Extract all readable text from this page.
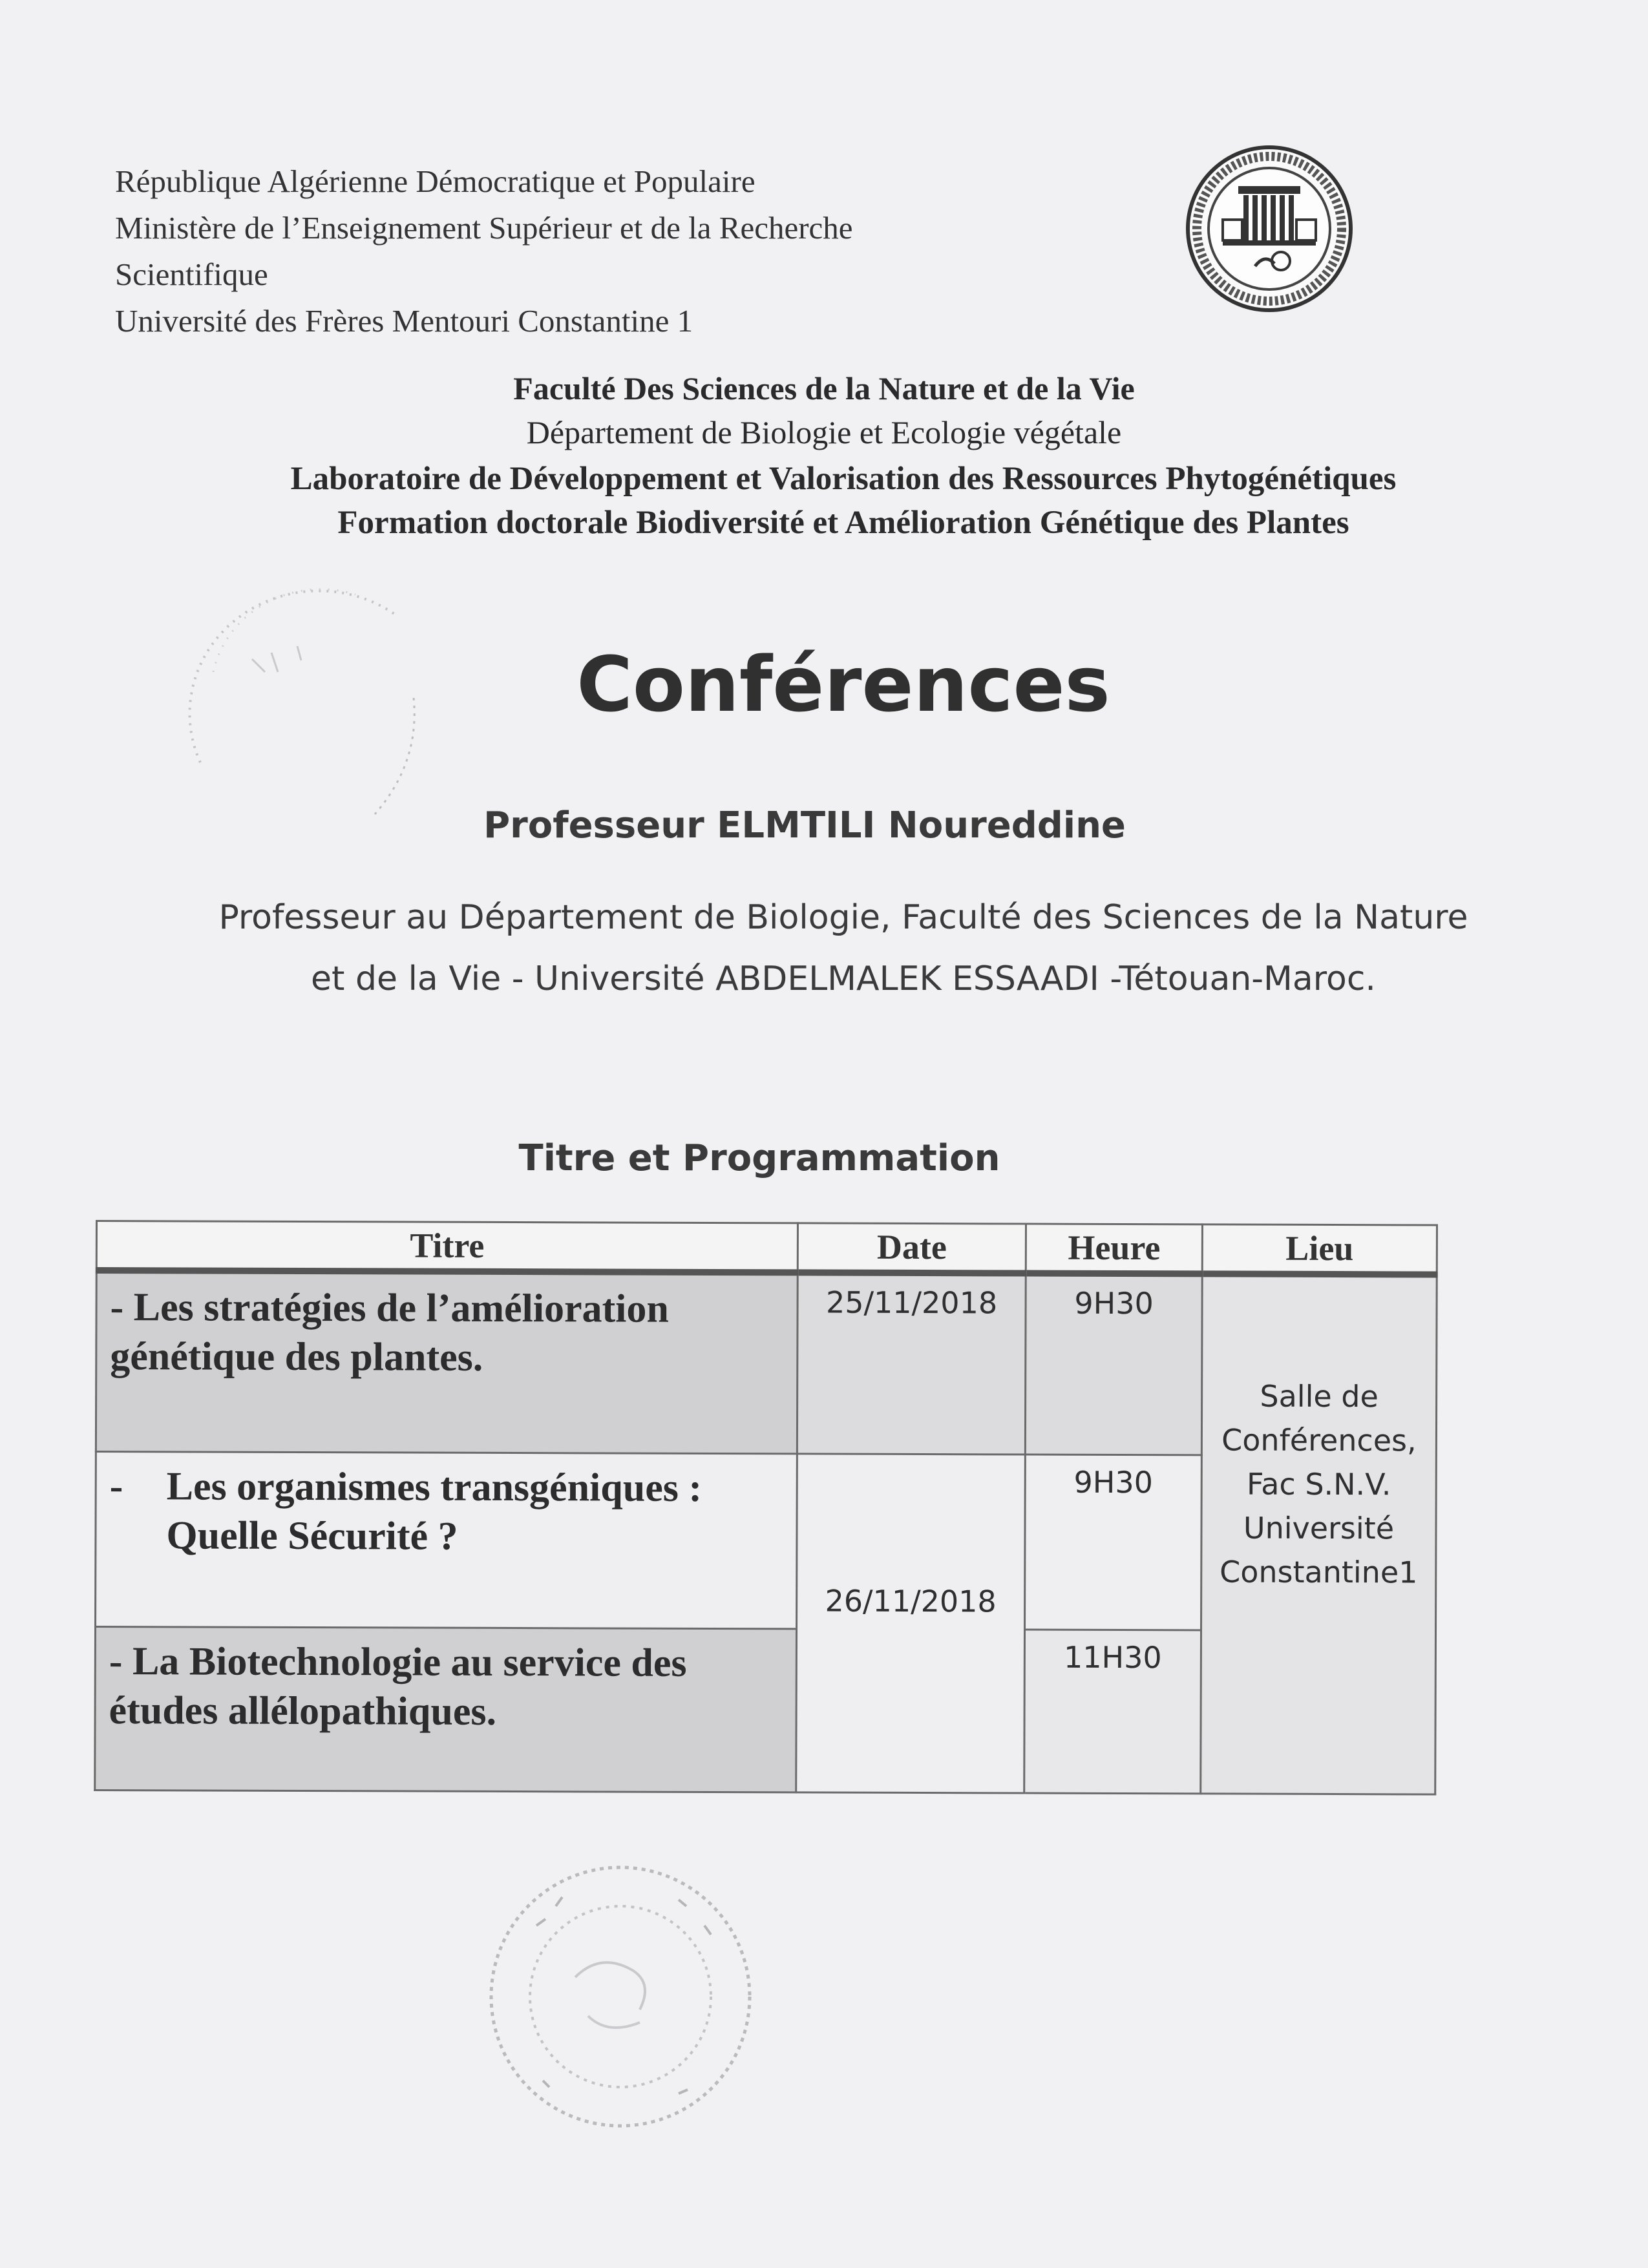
République Algérienne Démocratique et Populaire
Ministère de l’Enseignement Supérieur et de la Recherche
Scientifique
Université des Frères Mentouri Constantine 1
Faculté Des Sciences de la Nature et de la Vie
Département de Biologie et Ecologie végétale
Laboratoire de Développement et Valorisation des Ressources Phytogénétiques
Formation doctorale Biodiversité et Amélioration Génétique des Plantes
Conférences
Professeur ELMTILI Noureddine
Professeur au Département de Biologie, Faculté des Sciences de la Nature
et de la Vie - Université ABDELMALEK ESSAADI -Tétouan-Maroc.
Titre et Programmation
Titre	Date	Heure	Lieu
- Les stratégies de l’amélioration génétique des plantes.	25/11/2018	9H30	Salle de
Conférences,
Fac S.N.V.
Université
Constantine1

- Les organismes transgéniques : Quelle Sécurité ?	26/11/2018	9H30	
- La Biotechnologie au service des études allélopathiques.		11H30	
